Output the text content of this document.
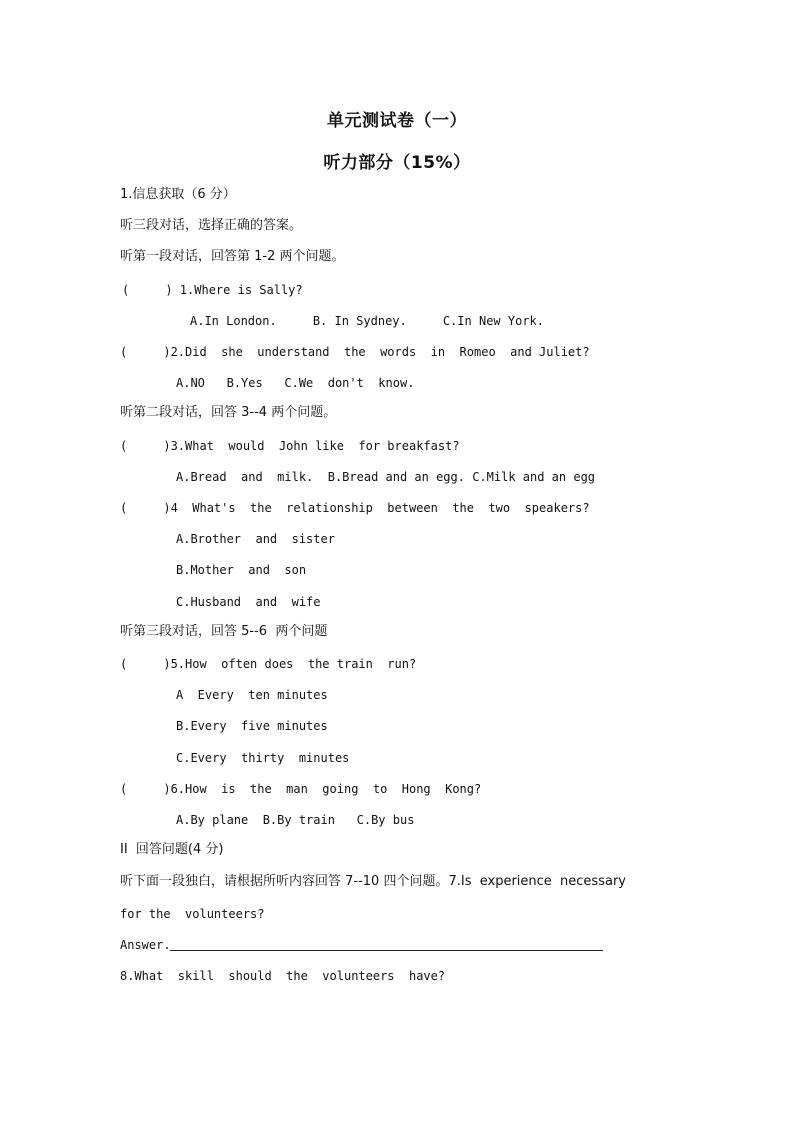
单元测试卷（一）
听力部分（15%）
1.信息获取（6 分）
听三段对话，选择正确的答案。
听第一段对话，回答第 1-2 两个问题。
(     ) 1.Where is Sally?
A.In London.     B. In Sydney.     C.In New York.
(     )2.Did  she  understand  the  words  in  Romeo  and Juliet?
A.NO   B.Yes   C.We  don't  know.
听第二段对话，回答 3--4 两个问题。
(     )3.What  would  John like  for breakfast?
A.Bread  and  milk.  B.Bread and an egg. C.Milk and an egg
(     )4  What's  the  relationship  between  the  two  speakers?
A.Brother  and  sister
B.Mother  and  son
C.Husband  and  wife
听第三段对话，回答 5--6  两个问题
(     )5.How  often does  the train  run?
A  Every  ten minutes
B.Every  five minutes
C.Every  thirty  minutes
(     )6.How  is  the  man  going  to  Hong  Kong?
A.By plane  B.By train   C.By bus
II  回答问题(4 分)
听下面一段独白，请根据所听内容回答 7--10 四个问题。7.Is  experience  necessary
for the  volunteers?
Answer.
8.What  skill  should  the  volunteers  have?
